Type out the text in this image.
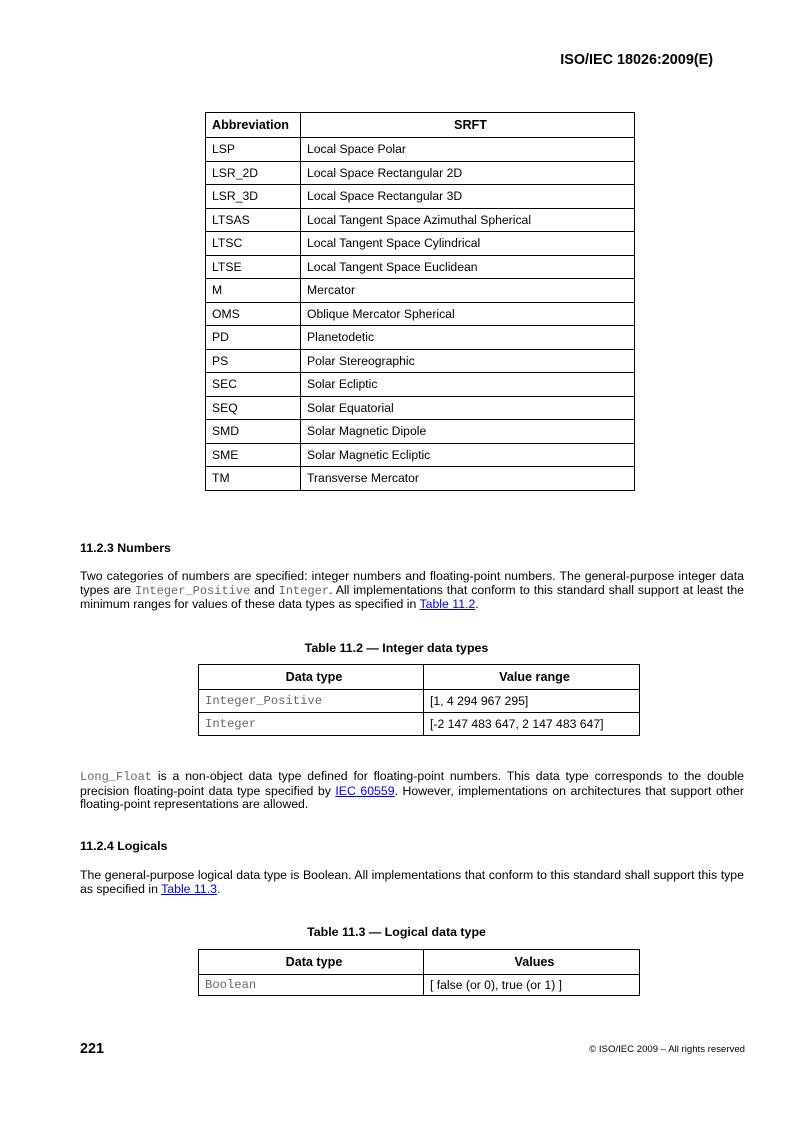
ISO/IEC 18026:2009(E)
Abbreviation	SRFT
LSP	Local Space Polar
LSR_2D	Local Space Rectangular 2D
LSR_3D	Local Space Rectangular 3D
LTSAS	Local Tangent Space Azimuthal Spherical
LTSC	Local Tangent Space Cylindrical
LTSE	Local Tangent Space Euclidean
M	Mercator
OMS	Oblique Mercator Spherical
PD	Planetodetic
PS	Polar Stereographic
SEC	Solar Ecliptic
SEQ	Solar Equatorial
SMD	Solar Magnetic Dipole
SME	Solar Magnetic Ecliptic
TM	Transverse Mercator
11.2.3 Numbers
Two categories of numbers are specified: integer numbers and floating-point numbers. The general-purpose integer data types are Integer_Positive and Integer. All implementations that conform to this standard shall support at least the minimum ranges for values of these data types as specified in Table 11.2.
Table 11.2 — Integer data types
Data type	Value range
Integer_Positive	[1, 4 294 967 295]
Integer	[-2 147 483 647, 2 147 483 647]
Long_Float is a non-object data type defined for floating-point numbers. This data type corresponds to the double precision floating-point data type specified by IEC 60559. However, implementations on architectures that support other floating-point representations are allowed.
11.2.4 Logicals
The general-purpose logical data type is Boolean. All implementations that conform to this standard shall support this type as specified in Table 11.3.
Table 11.3 — Logical data type
Data type	Values
Boolean	[ false (or 0), true (or 1) ]
221	© ISO/IEC 2009 – All rights reserved
